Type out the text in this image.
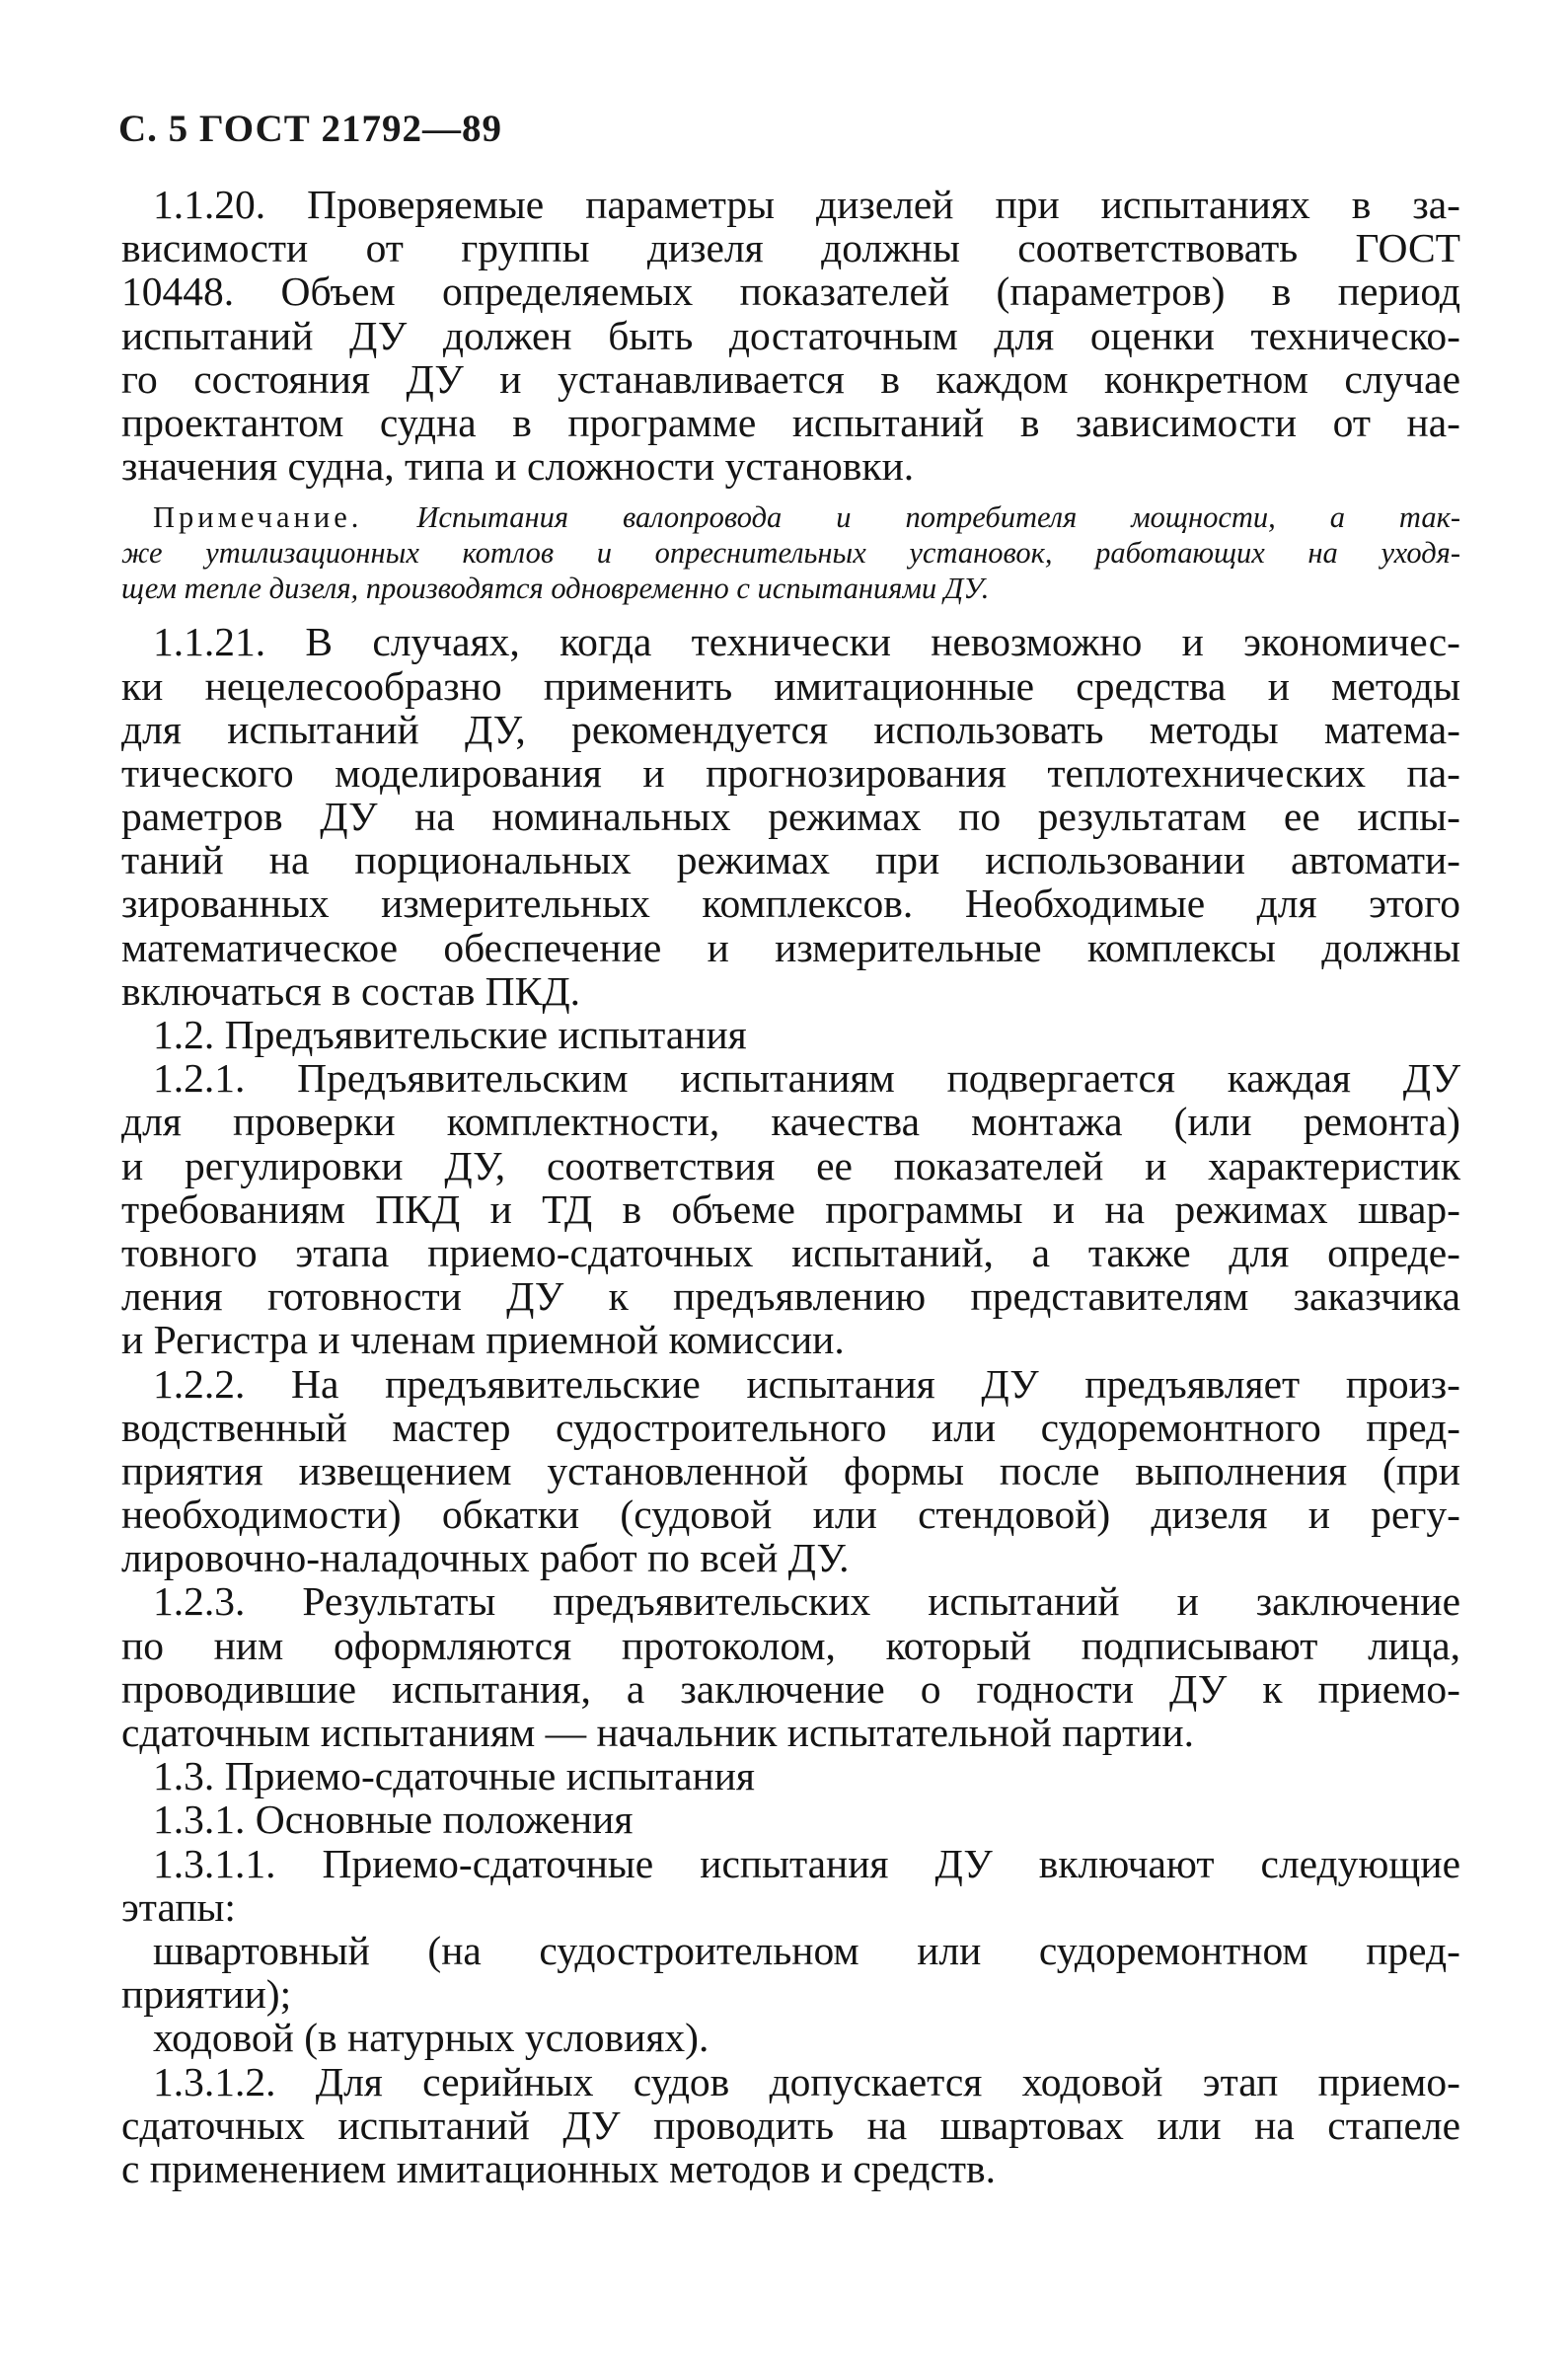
С. 5 ГОСТ 21792—89
1.1.20. Проверяемые параметры дизелей при испытаниях в за-
висимости от группы дизеля должны соответствовать ГОСТ
10448. Объем определяемых показателей (параметров) в период
испытаний ДУ должен быть достаточным для оценки техническо-
го состояния ДУ и устанавливается в каждом конкретном случае
проектантом судна в программе испытаний в зависимости от на-
значения судна, типа и сложности установки.
Примечание. Испытания валопровода и потребителя мощности, а так-
же утилизационных котлов и опреснительных установок, работающих на уходя-
щем тепле дизеля, производятся одновременно с испытаниями ДУ.
1.1.21. В случаях, когда технически невозможно и экономичес-
ки нецелесообразно применить имитационные средства и методы
для испытаний ДУ, рекомендуется использовать методы матема-
тического моделирования и прогнозирования теплотехнических па-
раметров ДУ на номинальных режимах по результатам ее испы-
таний на порциональных режимах при использовании автомати-
зированных измерительных комплексов. Необходимые для этого
математическое обеспечение и измерительные комплексы должны
включаться в состав ПКД.
1.2. Предъявительские испытания
1.2.1. Предъявительским испытаниям подвергается каждая ДУ
для проверки комплектности, качества монтажа (или ремонта)
и регулировки ДУ, соответствия ее показателей и характеристик
требованиям ПКД и ТД в объеме программы и на режимах швар-
товного этапа приемо-сдаточных испытаний, а также для опреде-
ления готовности ДУ к предъявлению представителям заказчика
и Регистра и членам приемной комиссии.
1.2.2. На предъявительские испытания ДУ предъявляет произ-
водственный мастер судостроительного или судоремонтного пред-
приятия извещением установленной формы после выполнения (при
необходимости) обкатки (судовой или стендовой) дизеля и регу-
лировочно-наладочных работ по всей ДУ.
1.2.3. Результаты предъявительских испытаний и заключение
по ним оформляются протоколом, который подписывают лица,
проводившие испытания, а заключение о годности ДУ к приемо-
сдаточным испытаниям — начальник испытательной партии.
1.3. Приемо-сдаточные испытания
1.3.1. Основные положения
1.3.1.1. Приемо-сдаточные испытания ДУ включают следующие
этапы:
швартовный (на судостроительном или судоремонтном пред-
приятии);
ходовой (в натурных условиях).
1.3.1.2. Для серийных судов допускается ходовой этап приемо-
сдаточных испытаний ДУ проводить на швартовах или на стапеле
с применением имитационных методов и средств.
